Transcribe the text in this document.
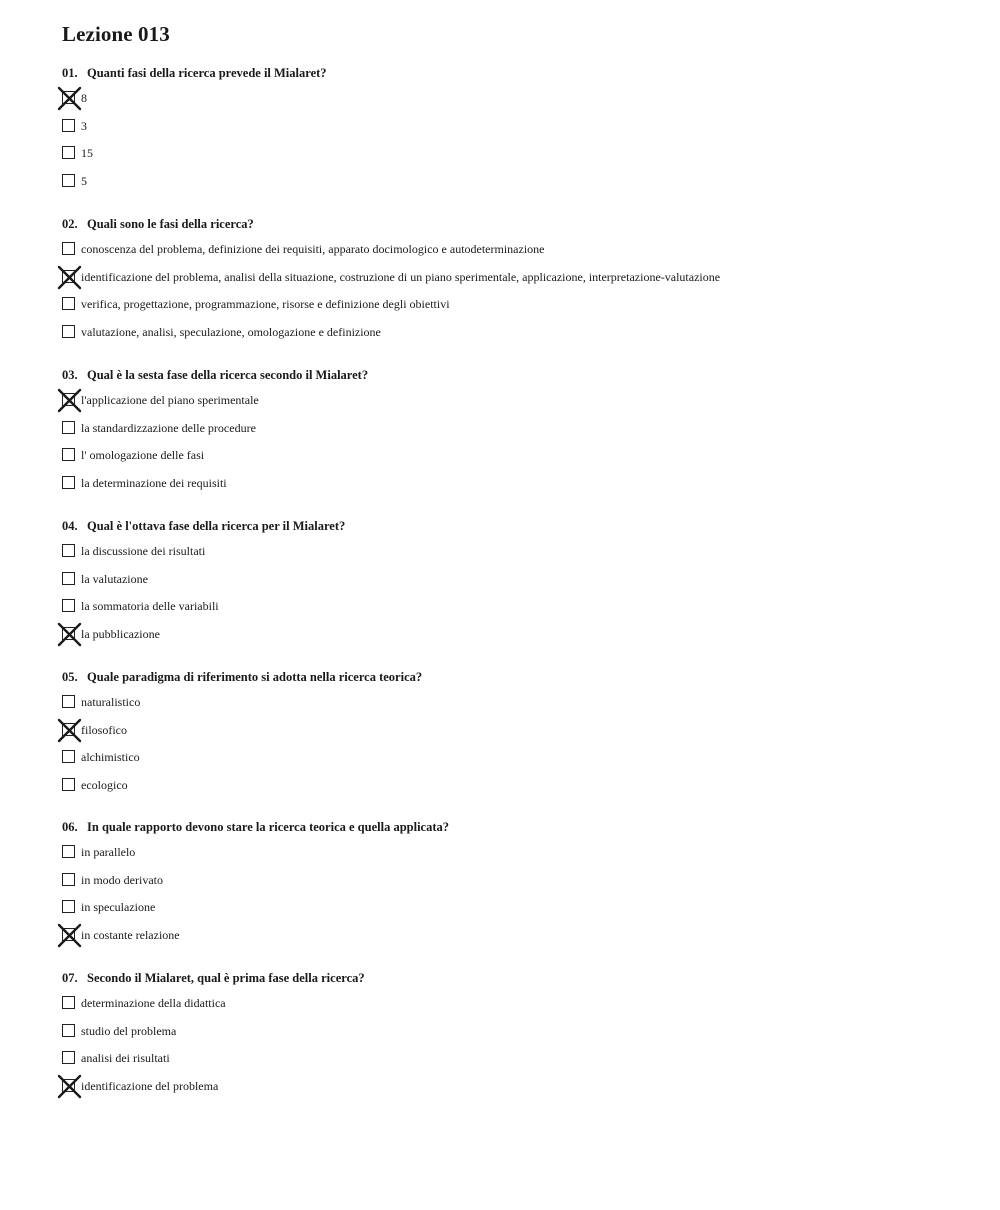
Lezione 013
01. Quanti fasi della ricerca prevede il Mialaret?
8
3
15
5
02. Quali sono le fasi della ricerca?
conoscenza del problema, definizione dei requisiti, apparato docimologico e autodeterminazione
identificazione del problema, analisi della situazione, costruzione di un piano sperimentale, applicazione, interpretazione-valutazione
verifica, progettazione, programmazione, risorse e definizione degli obiettivi
valutazione, analisi, speculazione, omologazione e definizione
03. Qual è la sesta fase della ricerca secondo il Mialaret?
l'applicazione del piano sperimentale
la standardizzazione delle procedure
l' omologazione delle fasi
la determinazione dei requisiti
04. Qual è l'ottava fase della ricerca per il Mialaret?
la discussione dei risultati
la valutazione
la sommatoria delle variabili
la pubblicazione
05. Quale paradigma di riferimento si adotta nella ricerca teorica?
naturalistico
filosofico
alchimistico
ecologico
06. In quale rapporto devono stare la ricerca teorica e quella applicata?
in parallelo
in modo derivato
in speculazione
in costante relazione
07. Secondo il Mialaret, qual è prima fase della ricerca?
determinazione della didattica
studio del problema
analisi dei risultati
identificazione del problema
